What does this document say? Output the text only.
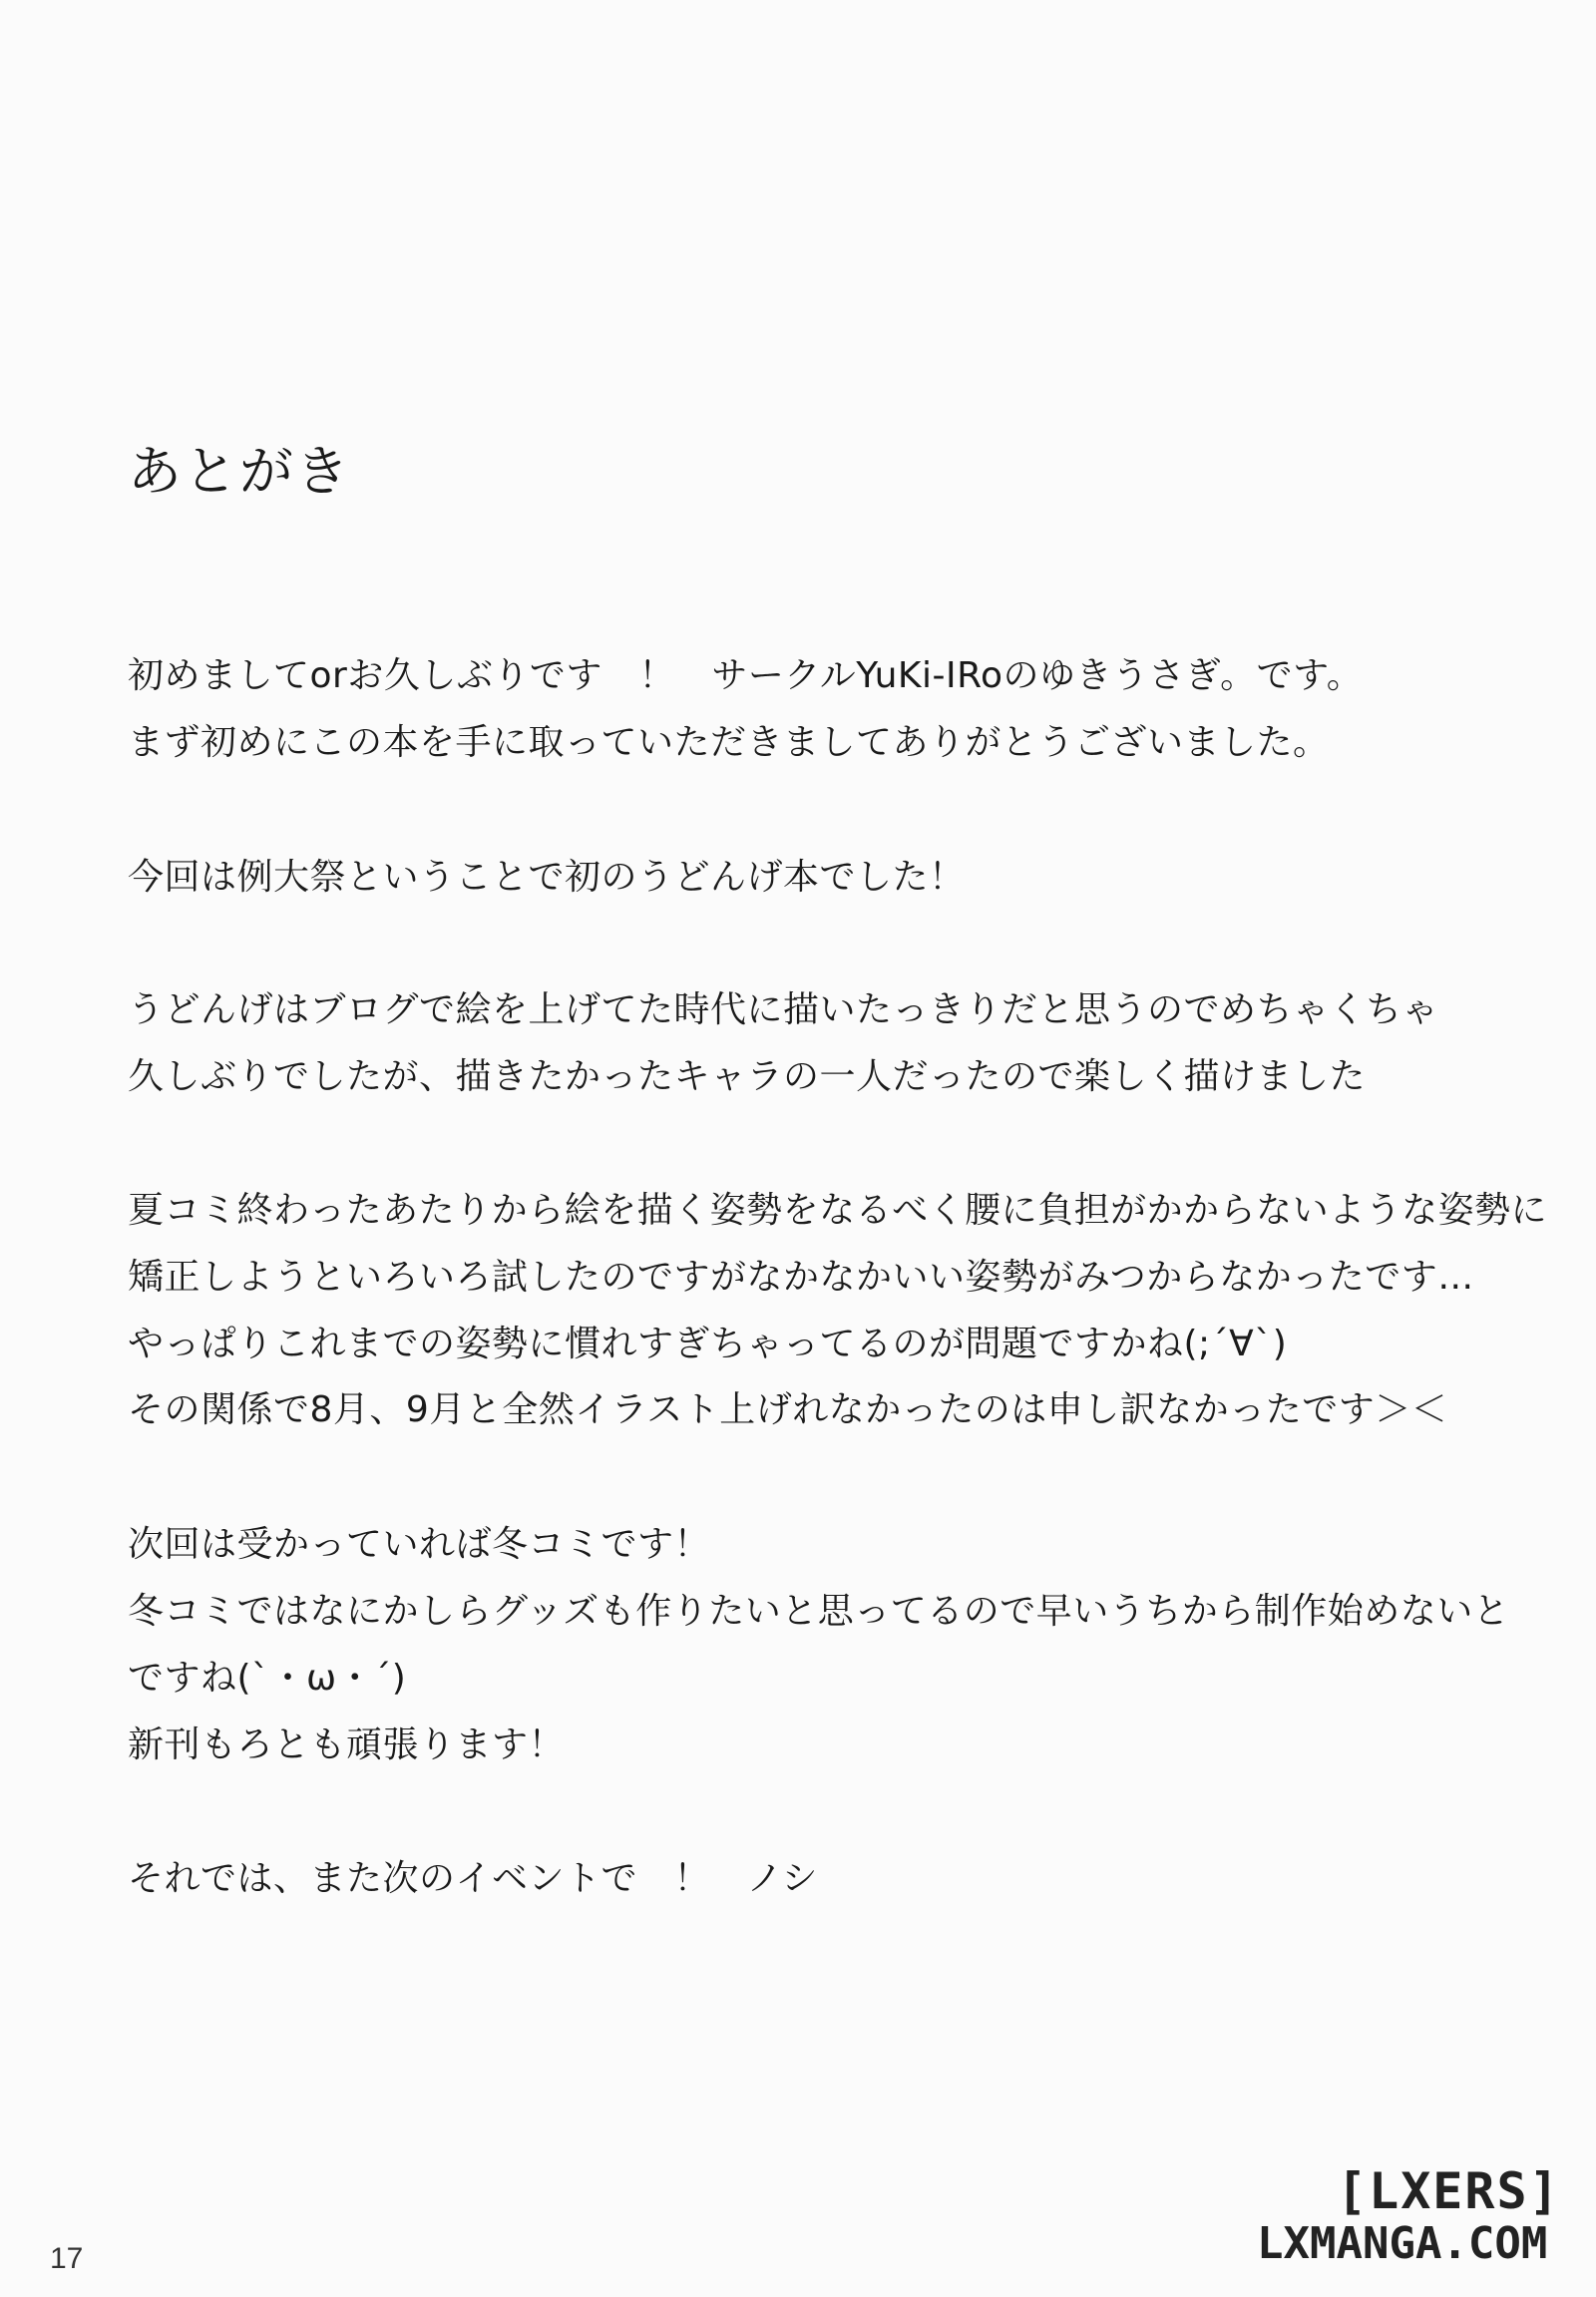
あとがき
初めましてorお久しぶりです　！　サークルYuKi-IRoのゆきうさぎ。です。
まず初めにこの本を手に取っていただきましてありがとうございました。
今回は例大祭ということで初のうどんげ本でした！
うどんげはブログで絵を上げてた時代に描いたっきりだと思うのでめちゃくちゃ
久しぶりでしたが、描きたかったキャラの一人だったので楽しく描けました
夏コミ終わったあたりから絵を描く姿勢をなるべく腰に負担がかからないような姿勢に
矯正しようといろいろ試したのですがなかなかいい姿勢がみつからなかったです…
やっぱりこれまでの姿勢に慣れすぎちゃってるのが問題ですかね(;´∀`)
その関係で8月、9月と全然イラスト上げれなかったのは申し訳なかったです＞＜
次回は受かっていれば冬コミです！
冬コミではなにかしらグッズも作りたいと思ってるので早いうちから制作始めないと
ですね(`・ω・´)
新刊もろとも頑張ります！
それでは、また次のイベントで　！　ノシ
17
[LXERS]
LXMANGA.COM
